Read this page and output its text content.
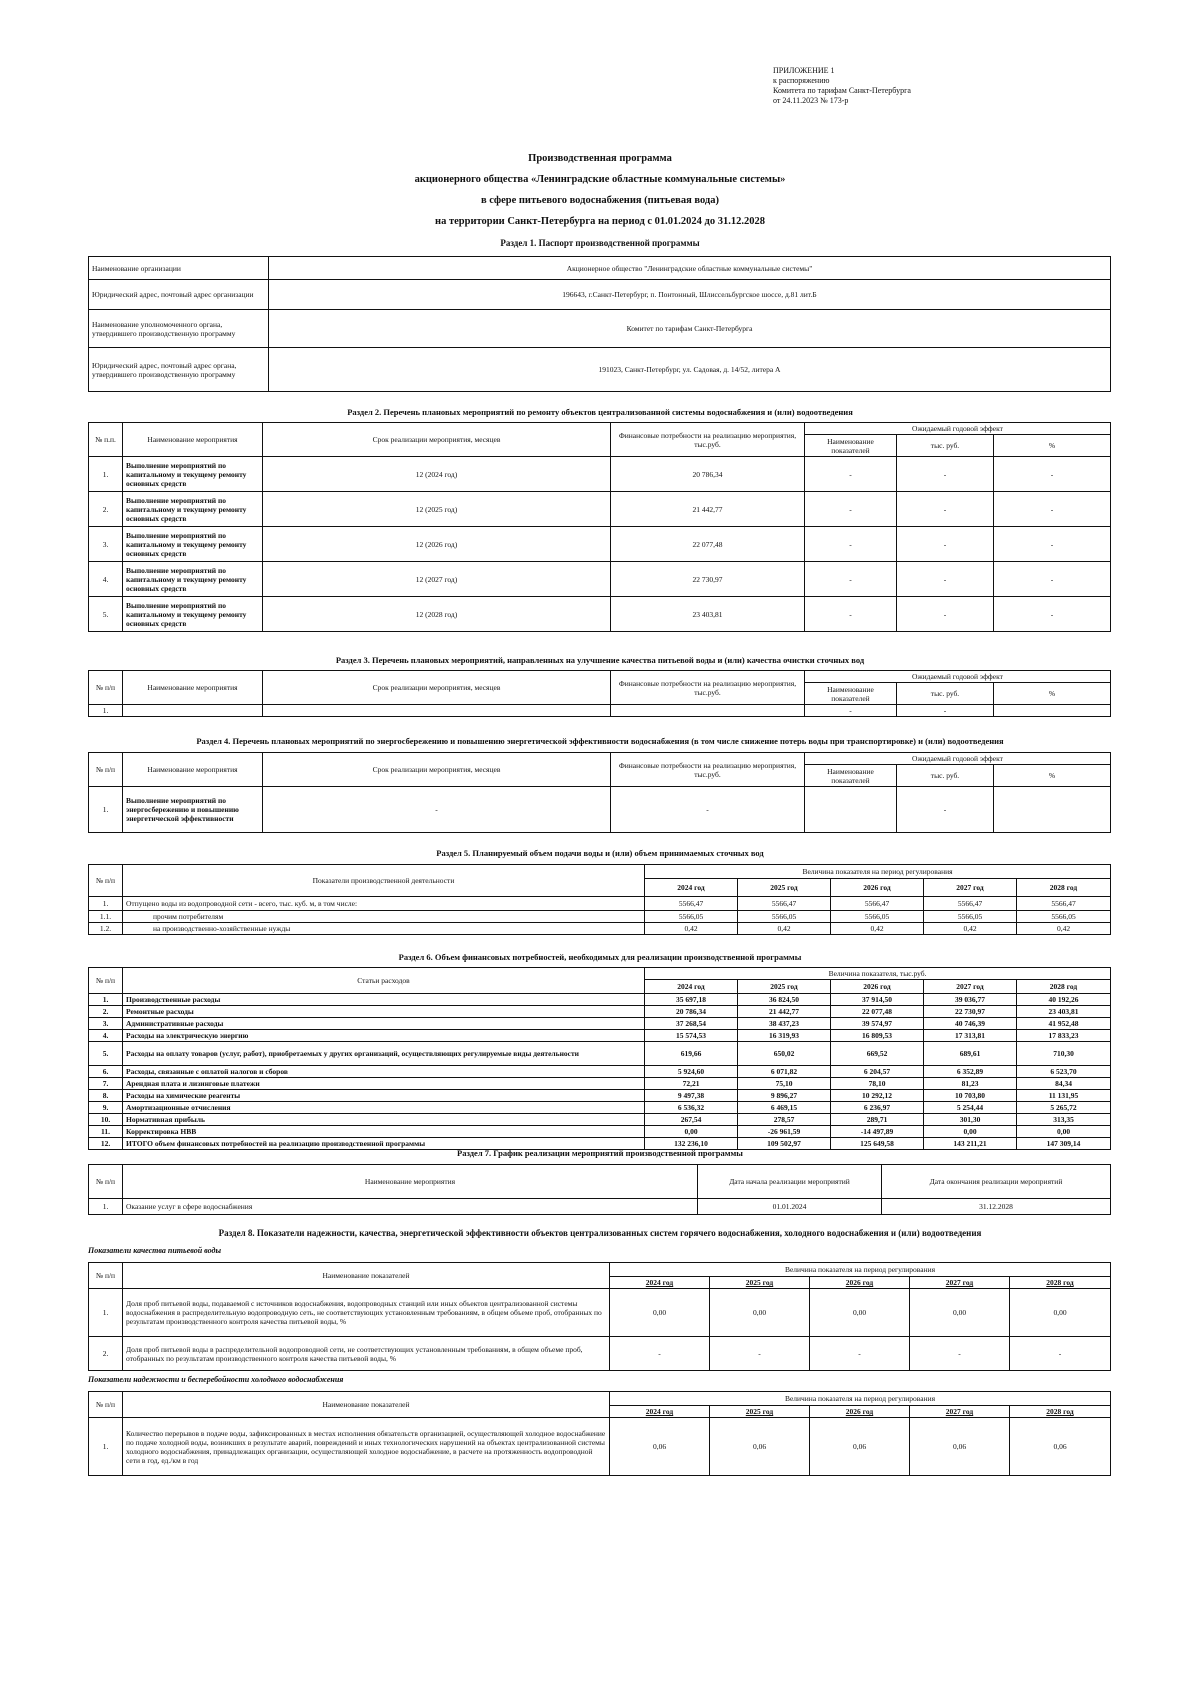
ПРИЛОЖЕНИЕ 1
к распоряжению
Комитета по тарифам Санкт-Петербурга
от 24.11.2023 № 173-р
Производственная программа
акционерного общества «Ленинградские областные коммунальные системы»
в сфере питьевого водоснабжения (питьевая вода)
на территории Санкт-Петербурга на период с 01.01.2024 до 31.12.2028
Раздел 1. Паспорт производственной программы
Наименование организации	Акционерное общество "Ленинградские областные коммунальные системы"
Юридический адрес, почтовый адрес организации	196643, г.Санкт-Петербург, п. Понтонный, Шлиссельбургское шоссе, д.81 лит.Б
Наименование уполномоченного органа, утвердившего производственную программу	Комитет по тарифам Санкт-Петербурга
Юридический адрес, почтовый адрес органа, утвердившего производственную программу	191023, Санкт-Петербург, ул. Садовая, д. 14/52, литера А
Раздел 2. Перечень плановых мероприятий по ремонту объектов централизованной системы водоснабжения и (или) водоотведения
№ п.п.	Наименование мероприятия	Срок реализации мероприятия, месяцев	Финансовые потребности на реализацию мероприятия, тыс.руб.	Ожидаемый годовой эффект		
				Наименование показателей	тыс. руб.	%
1.	Выполнение мероприятий по капитальному и текущему ремонту основных средств	12 (2024 год)	20 786,34	-	-	-
2.	Выполнение мероприятий по капитальному и текущему ремонту основных средств	12 (2025 год)	21 442,77	-	-	-
3.	Выполнение мероприятий по капитальному и текущему ремонту основных средств	12 (2026 год)	22 077,48	-	-	-
4.	Выполнение мероприятий по капитальному и текущему ремонту основных средств	12 (2027 год)	22 730,97	-	-	-
5.	Выполнение мероприятий по капитальному и текущему ремонту основных средств	12 (2028 год)	23 403,81	-	-	-
Раздел 3. Перечень плановых мероприятий, направленных на улучшение качества питьевой воды и (или) качества очистки сточных вод
№ п/п	Наименование мероприятия	Срок реализации мероприятия, месяцев	Финансовые потребности на реализацию мероприятия, тыс.руб.	Ожидаемый годовой эффект		
				Наименование показателей	тыс. руб.	%
1.				-	-	
Раздел 4. Перечень плановых мероприятий по энергосбережению и повышению энергетической эффективности водоснабжения (в том числе снижение потерь воды при транспортировке) и (или) водоотведения
№ п/п	Наименование мероприятия	Срок реализации мероприятия, месяцев	Финансовые потребности на реализацию мероприятия, тыс.руб.	Ожидаемый годовой эффект		
				Наименование показателей	тыс. руб.	%
1.	Выполнение мероприятий по энергосбережению и повышению энергетической эффективности	-	-		-	
Раздел 5. Планируемый объем подачи воды и (или) объем принимаемых сточных вод
№ п/п	Показатели производственной деятельности	Величина показателя на период регулирования				
		2024 год	2025 год	2026 год	2027 год	2028 год
1.	Отпущено воды из водопроводной сети - всего, тыс. куб. м, в том числе:	5566,47	5566,47	5566,47	5566,47	5566,47
1.1.	прочим потребителям	5566,05	5566,05	5566,05	5566,05	5566,05
1.2.	на производственно-хозяйственные нужды	0,42	0,42	0,42	0,42	0,42
Раздел 6. Объем финансовых потребностей, необходимых для реализации производственной программы
№ п/п	Статьи расходов	Величина показателя, тыс.руб.				
		2024 год	2025 год	2026 год	2027 год	2028 год
1.	Производственные расходы	35 697,18	36 824,50	37 914,50	39 036,77	40 192,26
2.	Ремонтные расходы	20 786,34	21 442,77	22 077,48	22 730,97	23 403,81
3.	Административные расходы	37 268,54	38 437,23	39 574,97	40 746,39	41 952,48
4.	Расходы на электрическую энергию	15 574,53	16 319,93	16 809,53	17 313,81	17 833,23
5.	Расходы на оплату товаров (услуг, работ), приобретаемых у других организаций, осуществляющих регулируемые виды деятельности	619,66	650,02	669,52	689,61	710,30
6.	Расходы, связанные с оплатой налогов и сборов	5 924,60	6 071,82	6 204,57	6 352,89	6 523,70
7.	Арендная плата и лизинговые платежи	72,21	75,10	78,10	81,23	84,34
8.	Расходы на химические реагенты	9 497,38	9 896,27	10 292,12	10 703,80	11 131,95
9.	Амортизационные отчисления	6 536,32	6 469,15	6 236,97	5 254,44	5 265,72
10.	Нормативная прибыль	267,54	278,57	289,71	301,30	313,35
11.	Корректировка НВВ	0,00	-26 961,59	-14 497,89	0,00	0,00
12.	ИТОГО объем финансовых потребностей на реализацию производственной программы	132 236,10	109 502,97	125 649,58	143 211,21	147 309,14
Раздел 7. График реализации мероприятий производственной программы
№ п/п	Наименование мероприятия	Дата начала реализации мероприятий	Дата окончания реализации мероприятий
1.	Оказание услуг в сфере водоснабжения	01.01.2024	31.12.2028
Раздел 8. Показатели надежности, качества, энергетической эффективности объектов централизованных систем горячего водоснабжения, холодного водоснабжения и (или) водоотведения
Показатели качества питьевой воды
№ п/п	Наименование показателей	Величина показателя на период регулирования				
		2024 год	2025 год	2026 год	2027 год	2028 год
1.	Доля проб питьевой воды, подаваемой с источников водоснабжения, водопроводных станций или иных объектов централизованной системы водоснабжения в распределительную водопроводную сеть, не соответствующих установленным требованиям, в общем объеме проб, отобранных по результатам производственного контроля качества питьевой воды, %	0,00	0,00	0,00	0,00	0,00
2.	Доля проб питьевой воды в распределительной водопроводной сети, не соответствующих установленным требованиям, в общем объеме проб, отобранных по результатам производственного контроля качества питьевой воды, %	-	-	-	-	-
Показатели надежности и бесперебойности холодного водоснабжения
№ п/п	Наименование показателей	Величина показателя на период регулирования				
		2024 год	2025 год	2026 год	2027 год	2028 год
1.	Количество перерывов в подаче воды, зафиксированных в местах исполнения обязательств организацией, осуществляющей холодное водоснабжение по подаче холодной воды, возникших в результате аварий, повреждений и иных технологических нарушений на объектах централизованной системы холодного водоснабжения, принадлежащих организации, осуществляющей холодное водоснабжение, в расчете на протяженность водопроводной сети в год, ед./км в год	0,06	0,06	0,06	0,06	0,06
